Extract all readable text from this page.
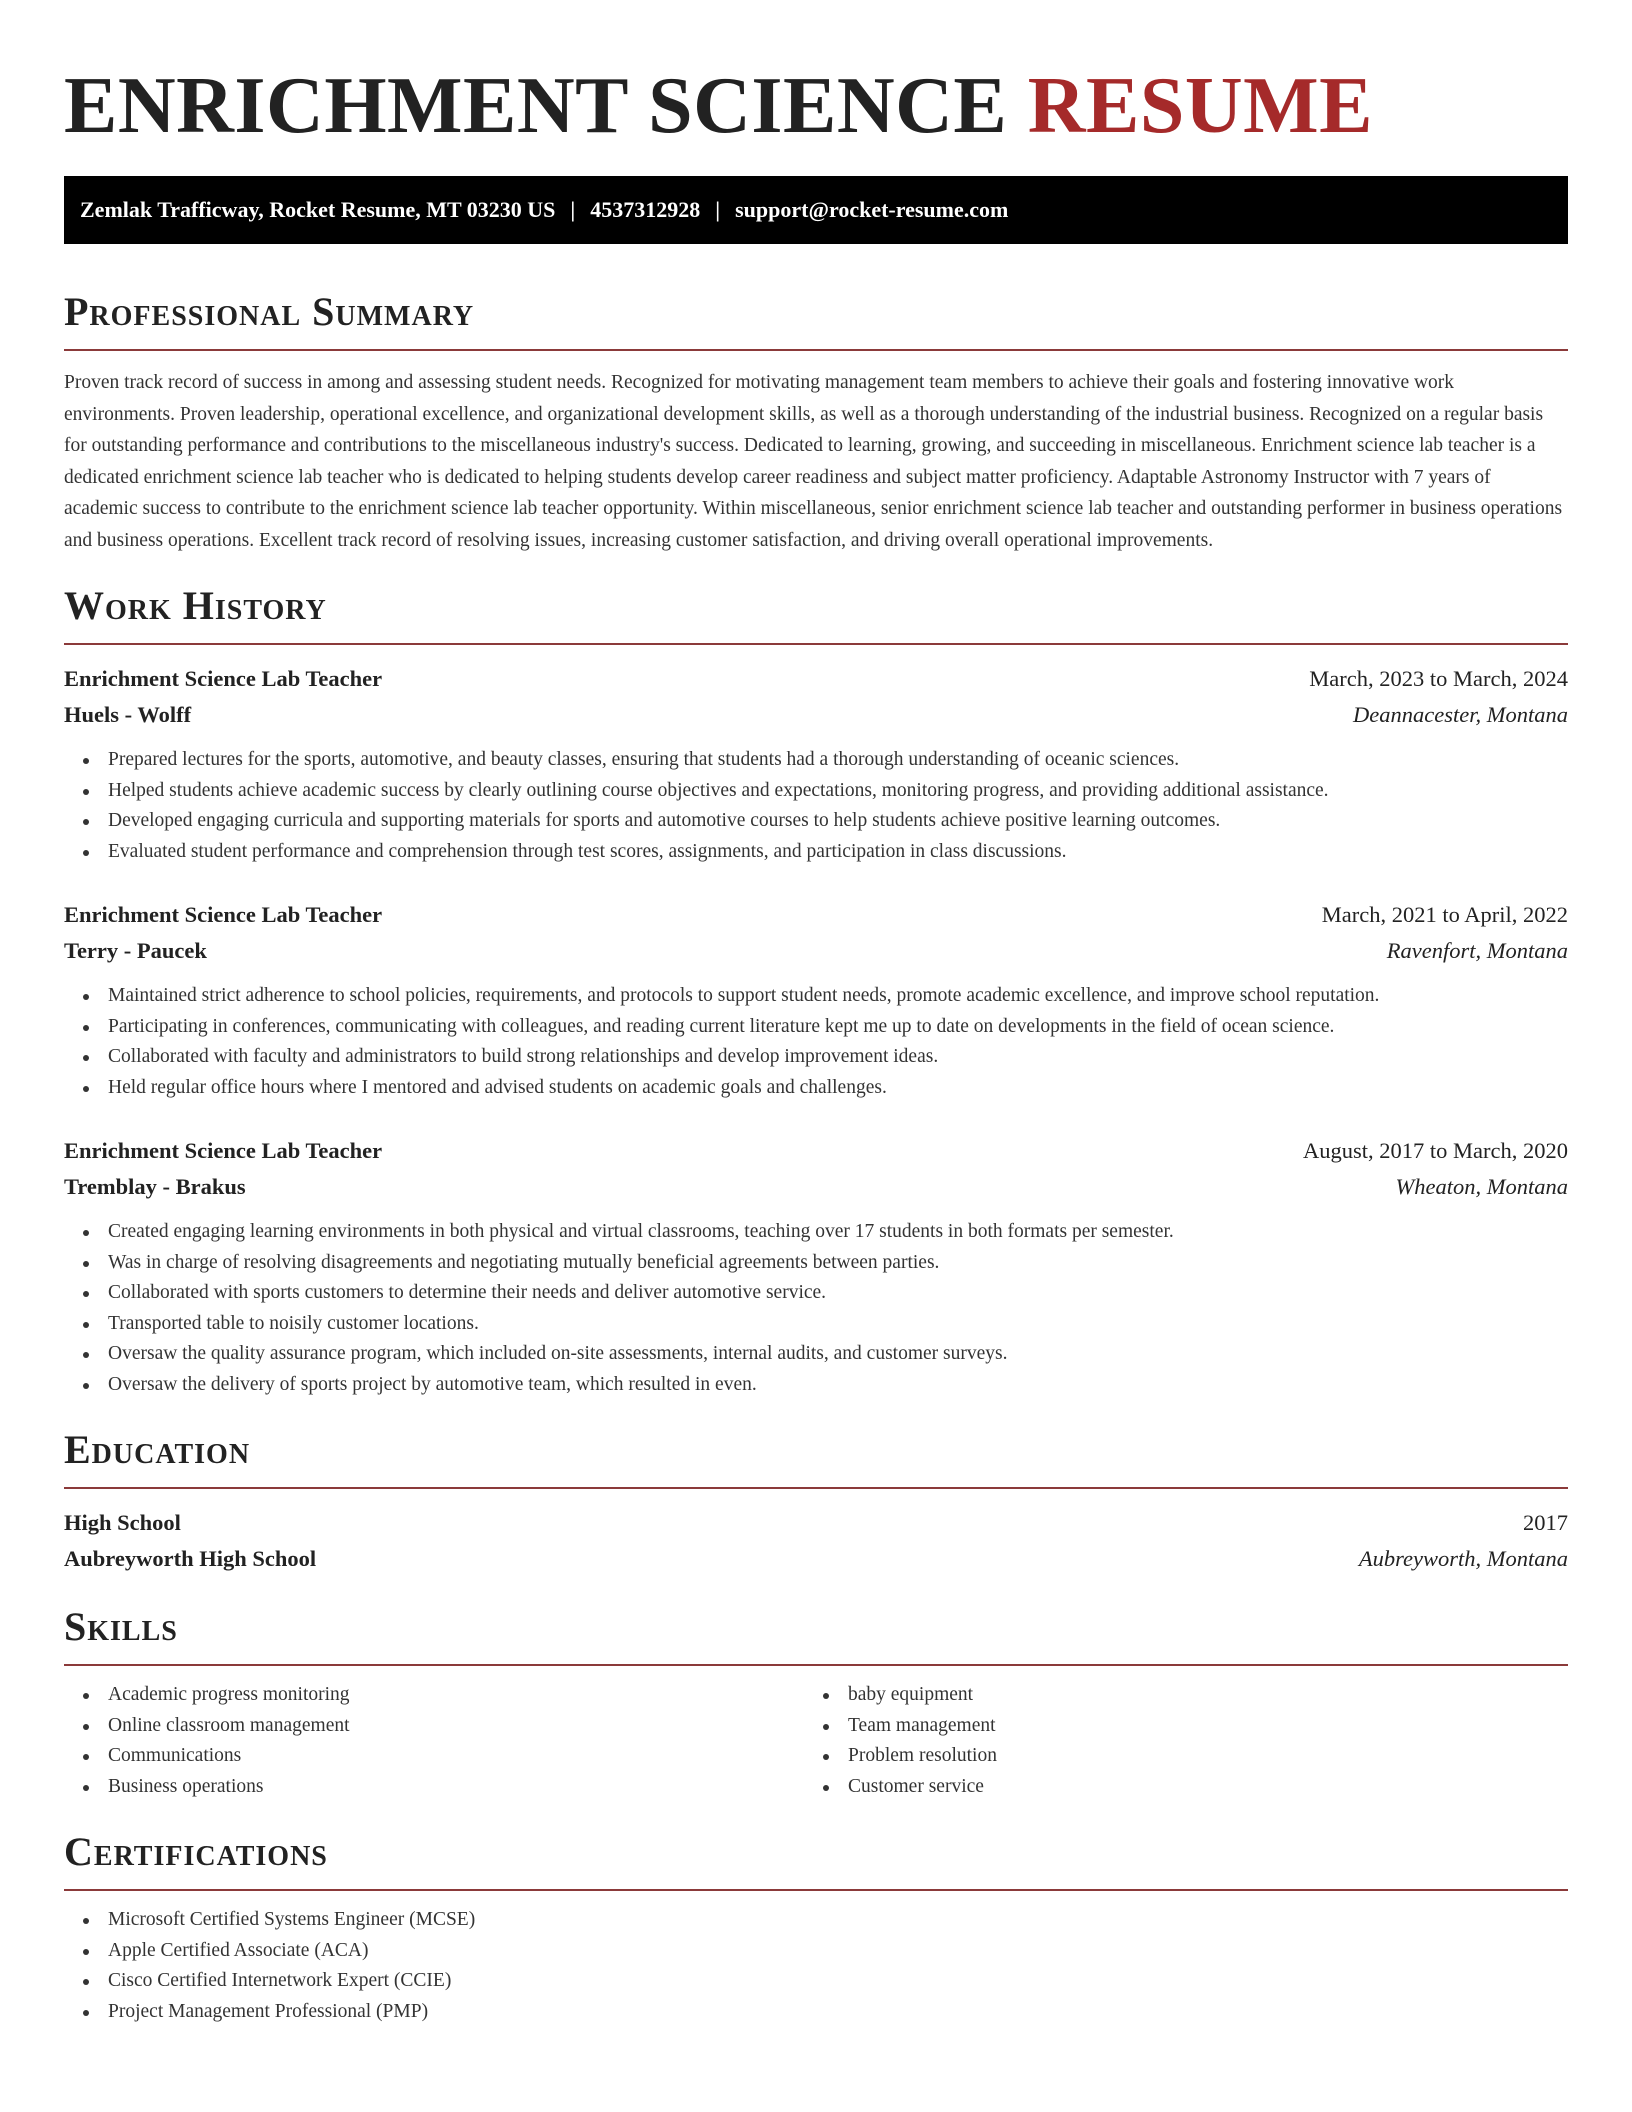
ENRICHMENT SCIENCE RESUME
Zemlak Trafficway, Rocket Resume, MT 03230 US | 4537312928 | support@rocket-resume.com
Professional Summary

Proven track record of success in among and assessing student needs. Recognized for motivating management team members to achieve their goals and fostering innovative work environments. Proven leadership, operational excellence, and organizational development skills, as well as a thorough understanding of the industrial business. Recognized on a regular basis for outstanding performance and contributions to the miscellaneous industry's success. Dedicated to learning, growing, and succeeding in miscellaneous. Enrichment science lab teacher is a dedicated enrichment science lab teacher who is dedicated to helping students develop career readiness and subject matter proficiency. Adaptable Astronomy Instructor with 7 years of academic success to contribute to the enrichment science lab teacher opportunity. Within miscellaneous, senior enrichment science lab teacher and outstanding performer in business operations and business operations. Excellent track record of resolving issues, increasing customer satisfaction, and driving overall operational improvements.

Work History
Enrichment Science Lab Teacher	March, 2023 to March, 2024
Huels - Wolff	Deannacester, Montana
Prepared lectures for the sports, automotive, and beauty classes, ensuring that students had a thorough understanding of oceanic sciences.
Helped students achieve academic success by clearly outlining course objectives and expectations, monitoring progress, and providing additional assistance.
Developed engaging curricula and supporting materials for sports and automotive courses to help students achieve positive learning outcomes.
Evaluated student performance and comprehension through test scores, assignments, and participation in class discussions.
Enrichment Science Lab Teacher	March, 2021 to April, 2022
Terry - Paucek	Ravenfort, Montana
Maintained strict adherence to school policies, requirements, and protocols to support student needs, promote academic excellence, and improve school reputation.
Participating in conferences, communicating with colleagues, and reading current literature kept me up to date on developments in the field of ocean science.
Collaborated with faculty and administrators to build strong relationships and develop improvement ideas.
Held regular office hours where I mentored and advised students on academic goals and challenges.
Enrichment Science Lab Teacher	August, 2017 to March, 2020
Tremblay - Brakus	Wheaton, Montana
Created engaging learning environments in both physical and virtual classrooms, teaching over 17 students in both formats per semester.
Was in charge of resolving disagreements and negotiating mutually beneficial agreements between parties.
Collaborated with sports customers to determine their needs and deliver automotive service.
Transported table to noisily customer locations.
Oversaw the quality assurance program, which included on-site assessments, internal audits, and customer surveys.
Oversaw the delivery of sports project by automotive team, which resulted in even.
Education
High School	2017
Aubreyworth High School	Aubreyworth, Montana
Skills
Academic progress monitoring
Online classroom management
Communications
Business operations
baby equipment
Team management
Problem resolution
Customer service
Certifications
Microsoft Certified Systems Engineer (MCSE)
Apple Certified Associate (ACA)
Cisco Certified Internetwork Expert (CCIE)
Project Management Professional (PMP)
